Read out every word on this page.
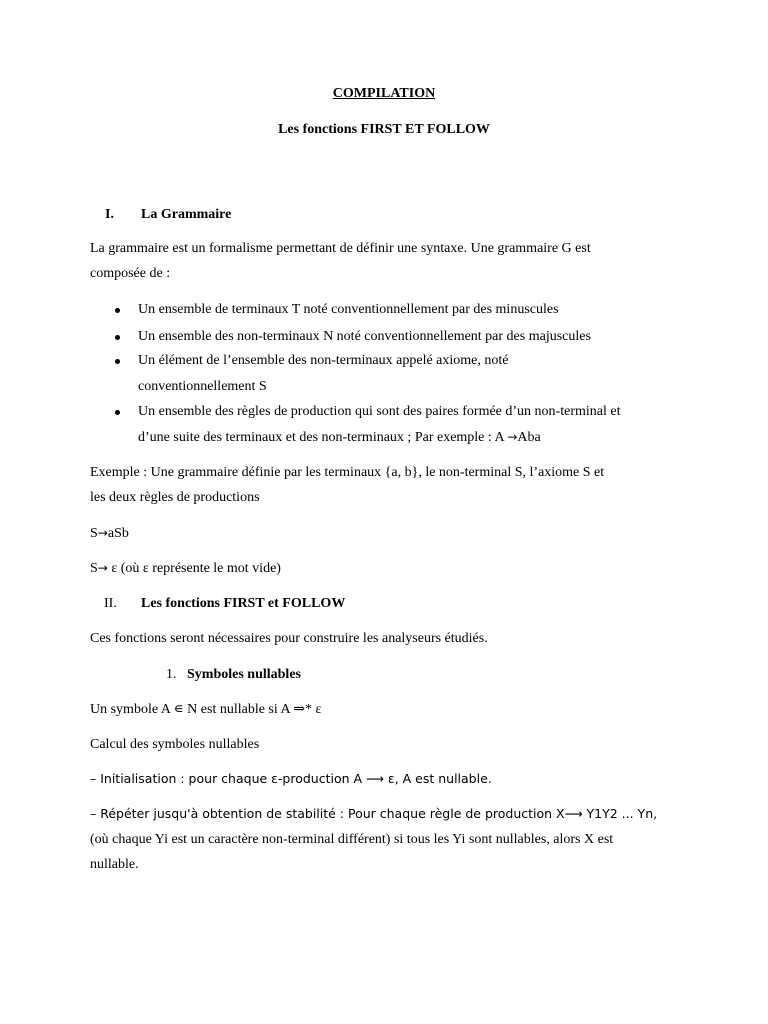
COMPILATION
Les fonctions FIRST ET FOLLOW
I. La Grammaire
La grammaire est un formalisme permettant de définir une syntaxe. Une grammaire G est
composée de :
Un ensemble de terminaux T noté conventionnellement par des minuscules
Un ensemble des non-terminaux N noté conventionnellement par des majuscules
Un élément de l’ensemble des non-terminaux appelé axiome, noté
conventionnellement S
Un ensemble des règles de production qui sont des paires formée d’un non-terminal et
d’une suite des terminaux et des non-terminaux ; Par exemple : A →Aba
Exemple : Une grammaire définie par les terminaux {a, b}, le non-terminal S, l’axiome S et
les deux règles de productions
S→aSb
S→ ε (où ε représente le mot vide)
II. Les fonctions FIRST et FOLLOW
Ces fonctions seront nécessaires pour construire les analyseurs étudiés.
1. Symboles nullables
Un symbole A ∊ N est nullable si A ⇒* ε
Calcul des symboles nullables
– Initialisation : pour chaque ε-production A ⟶ ε, A est nullable.
– Répéter jusqu'à obtention de stabilité : Pour chaque règle de production X⟶ Y1Y2 ... Yn,
(où chaque Yi est un caractère non-terminal différent) si tous les Yi sont nullables, alors X est
nullable.
